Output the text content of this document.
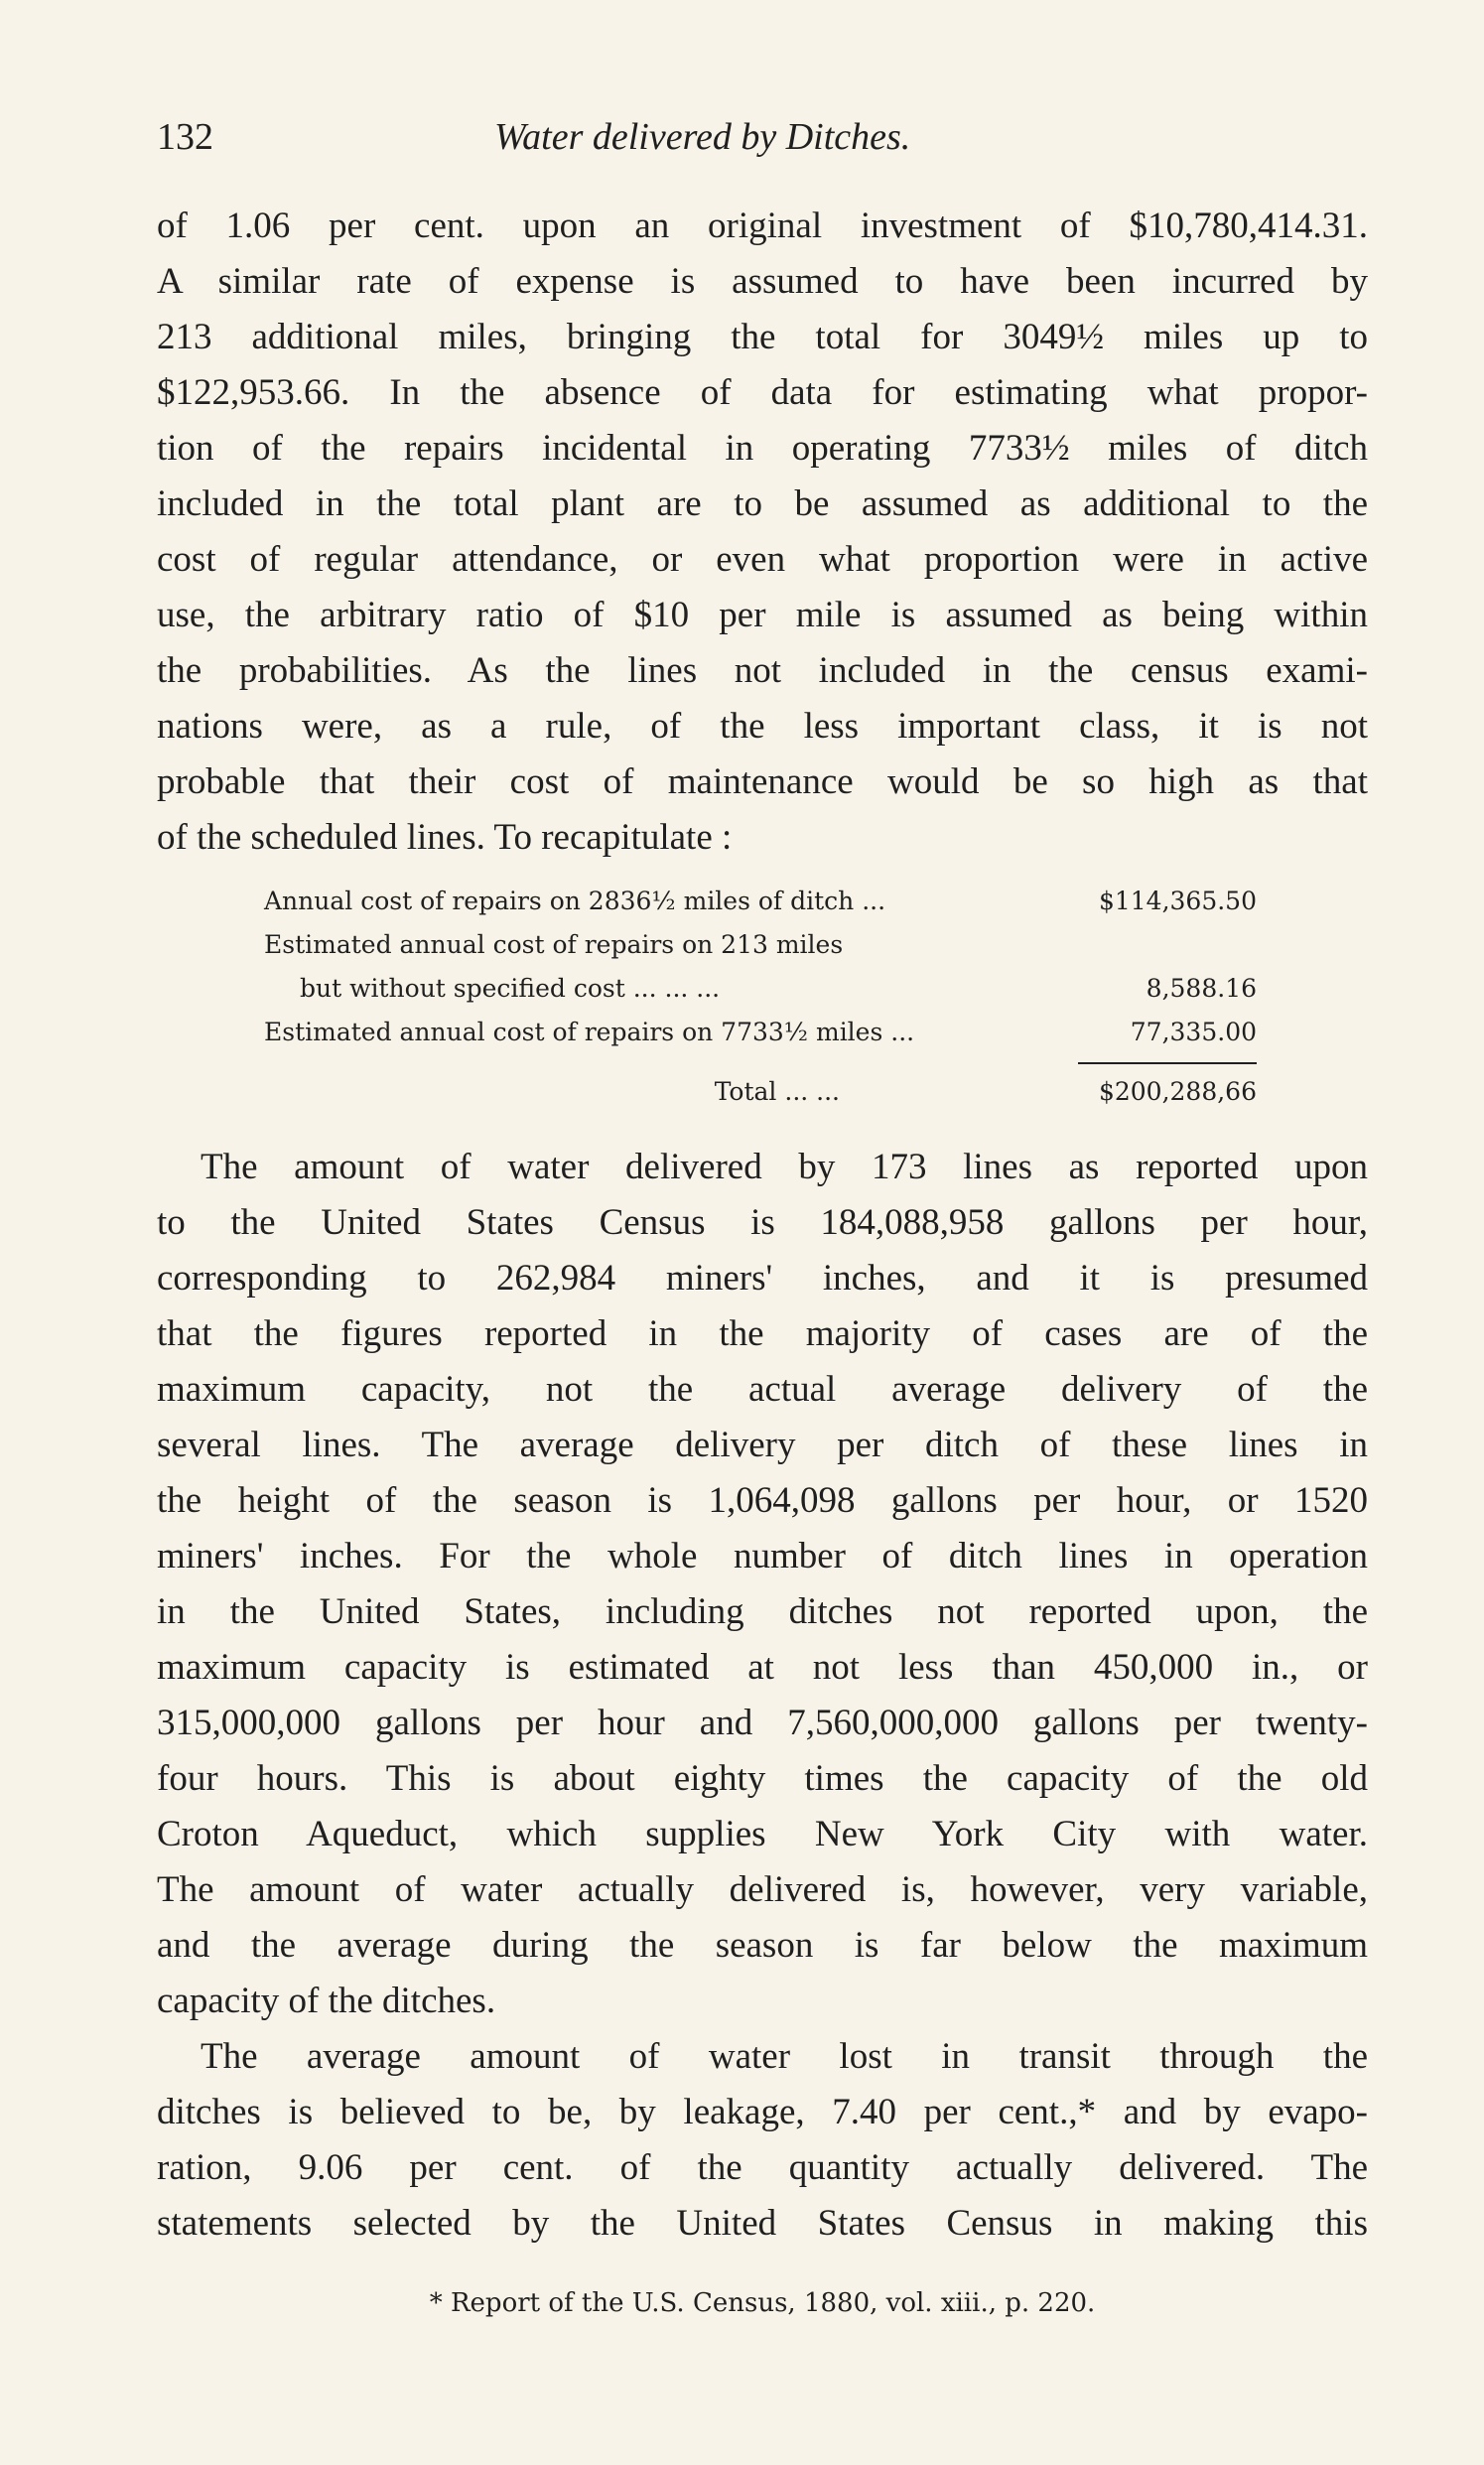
132	Water delivered by Ditches.
of 1.06 per cent. upon an original investment of $10,780,414.31.
A similar rate of expense is assumed to have been incurred by
213 additional miles, bringing the total for 3049½ miles up to
$122,953.66. In the absence of data for estimating what propor-
tion of the repairs incidental in operating 7733½ miles of ditch
included in the total plant are to be assumed as additional to the
cost of regular attendance, or even what proportion were in active
use, the arbitrary ratio of $10 per mile is assumed as being within
the probabilities. As the lines not included in the census exami-
nations were, as a rule, of the less important class, it is not
probable that their cost of maintenance would be so high as that
of the scheduled lines. To recapitulate :
Annual cost of repairs on 2836½ miles of ditch ...	$114,365.50
Estimated annual cost of repairs on 213 miles
but without specified cost ... ... ...	8,588.16
Estimated annual cost of repairs on 7733½ miles ...	77,335.00
Total ... ...	$200,288,66
The amount of water delivered by 173 lines as reported upon
to the United States Census is 184,088,958 gallons per hour,
corresponding to 262,984 miners' inches, and it is presumed
that the figures reported in the majority of cases are of the
maximum capacity, not the actual average delivery of the
several lines. The average delivery per ditch of these lines in
the height of the season is 1,064,098 gallons per hour, or 1520
miners' inches. For the whole number of ditch lines in operation
in the United States, including ditches not reported upon, the
maximum capacity is estimated at not less than 450,000 in., or
315,000,000 gallons per hour and 7,560,000,000 gallons per twenty-
four hours. This is about eighty times the capacity of the old
Croton Aqueduct, which supplies New York City with water.
The amount of water actually delivered is, however, very variable,
and the average during the season is far below the maximum
capacity of the ditches.
The average amount of water lost in transit through the
ditches is believed to be, by leakage, 7.40 per cent.,* and by evapo-
ration, 9.06 per cent. of the quantity actually delivered. The
statements selected by the United States Census in making this
* Report of the U.S. Census, 1880, vol. xiii., p. 220.
